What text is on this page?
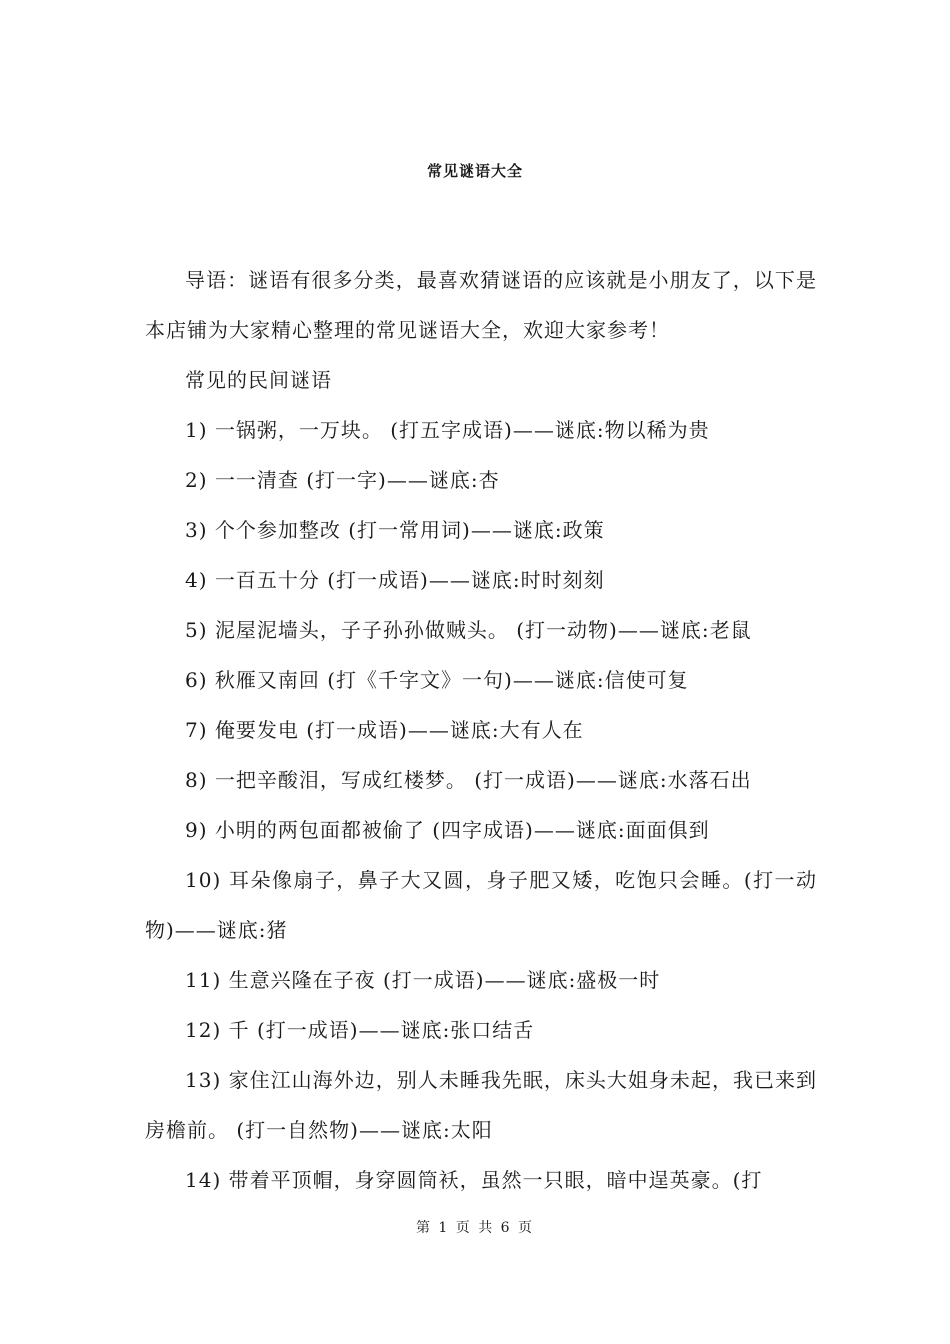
常见谜语大全

导语：谜语有很多分类，最喜欢猜谜语的应该就是小朋友了，以下是本店铺为大家精心整理的常见谜语大全，欢迎大家参考！

常见的民间谜语

1) 一锅粥，一万块。 (打五字成语)——谜底:物以稀为贵

2) 一一清查 (打一字)——谜底:杏

3) 个个参加整改 (打一常用词)——谜底:政策

4) 一百五十分 (打一成语)——谜底:时时刻刻

5) 泥屋泥墙头，子子孙孙做贼头。 (打一动物)——谜底:老鼠

6) 秋雁又南回 (打《千字文》一句)——谜底:信使可复

7) 俺要发电 (打一成语)——谜底:大有人在

8) 一把辛酸泪，写成红楼梦。 (打一成语)——谜底:水落石出

9) 小明的两包面都被偷了 (四字成语)——谜底:面面俱到

10) 耳朵像扇子，鼻子大又圆，身子肥又矮，吃饱只会睡。(打一动物)——谜底:猪

11) 生意兴隆在子夜 (打一成语)——谜底:盛极一时

12) 千 (打一成语)——谜底:张口结舌

13) 家住江山海外边，别人未睡我先眠，床头大姐身未起，我已来到房檐前。 (打一自然物)——谜底:太阳

14) 带着平顶帽，身穿圆筒袄，虽然一只眼，暗中逞英豪。(打

第 1 页 共 6 页
